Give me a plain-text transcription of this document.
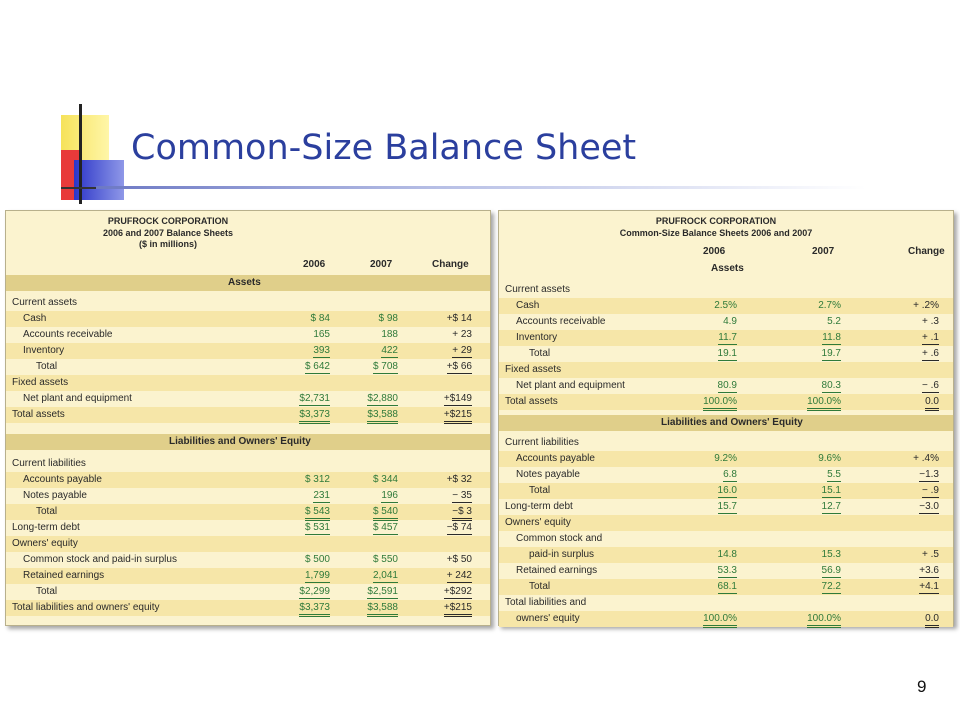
Common-Size Balance Sheet
PRUFROCK CORPORATION
2006 and 2007 Balance Sheets
($ in millions)
2006	2007	Change
Assets
Current assets
Cash	$ 84	$ 98	+$ 14
Accounts receivable	165	188	+ 23
Inventory	393	422	+ 29
Total	$ 642	$ 708	+$ 66
Fixed assets
Net plant and equipment	$2,731	$2,880	+$149
Total assets	$3,373	$3,588	+$215
Liabilities and Owners' Equity
Current liabilities
Accounts payable	$ 312	$ 344	+$ 32
Notes payable	231	196	− 35
Total	$ 543	$ 540	−$ 3
Long-term debt	$ 531	$ 457	−$ 74
Owners' equity
Common stock and paid-in surplus	$ 500	$ 550	+$ 50
Retained earnings	1,799	2,041	+ 242
Total	$2,299	$2,591	+$292
Total liabilities and owners' equity	$3,373	$3,588	+$215
PRUFROCK CORPORATION
Common-Size Balance Sheets 2006 and 2007
2006	2007	Change
Assets
Current assets
Cash	2.5%	2.7%	+ .2%
Accounts receivable	4.9	5.2	+ .3
Inventory	11.7	11.8	+ .1
Total	19.1	19.7	+ .6
Fixed assets
Net plant and equipment	80.9	80.3	− .6
Total assets	100.0%	100.0%	0.0
Liabilities and Owners' Equity
Current liabilities
Accounts payable	9.2%	9.6%	+ .4%
Notes payable	6.8	5.5	−1.3
Total	16.0	15.1	− .9
Long-term debt	15.7	12.7	−3.0
Owners' equity
Common stock and
paid-in surplus	14.8	15.3	+ .5
Retained earnings	53.3	56.9	+3.6
Total	68.1	72.2	+4.1
Total liabilities and
owners' equity	100.0%	100.0%	0.0
9
